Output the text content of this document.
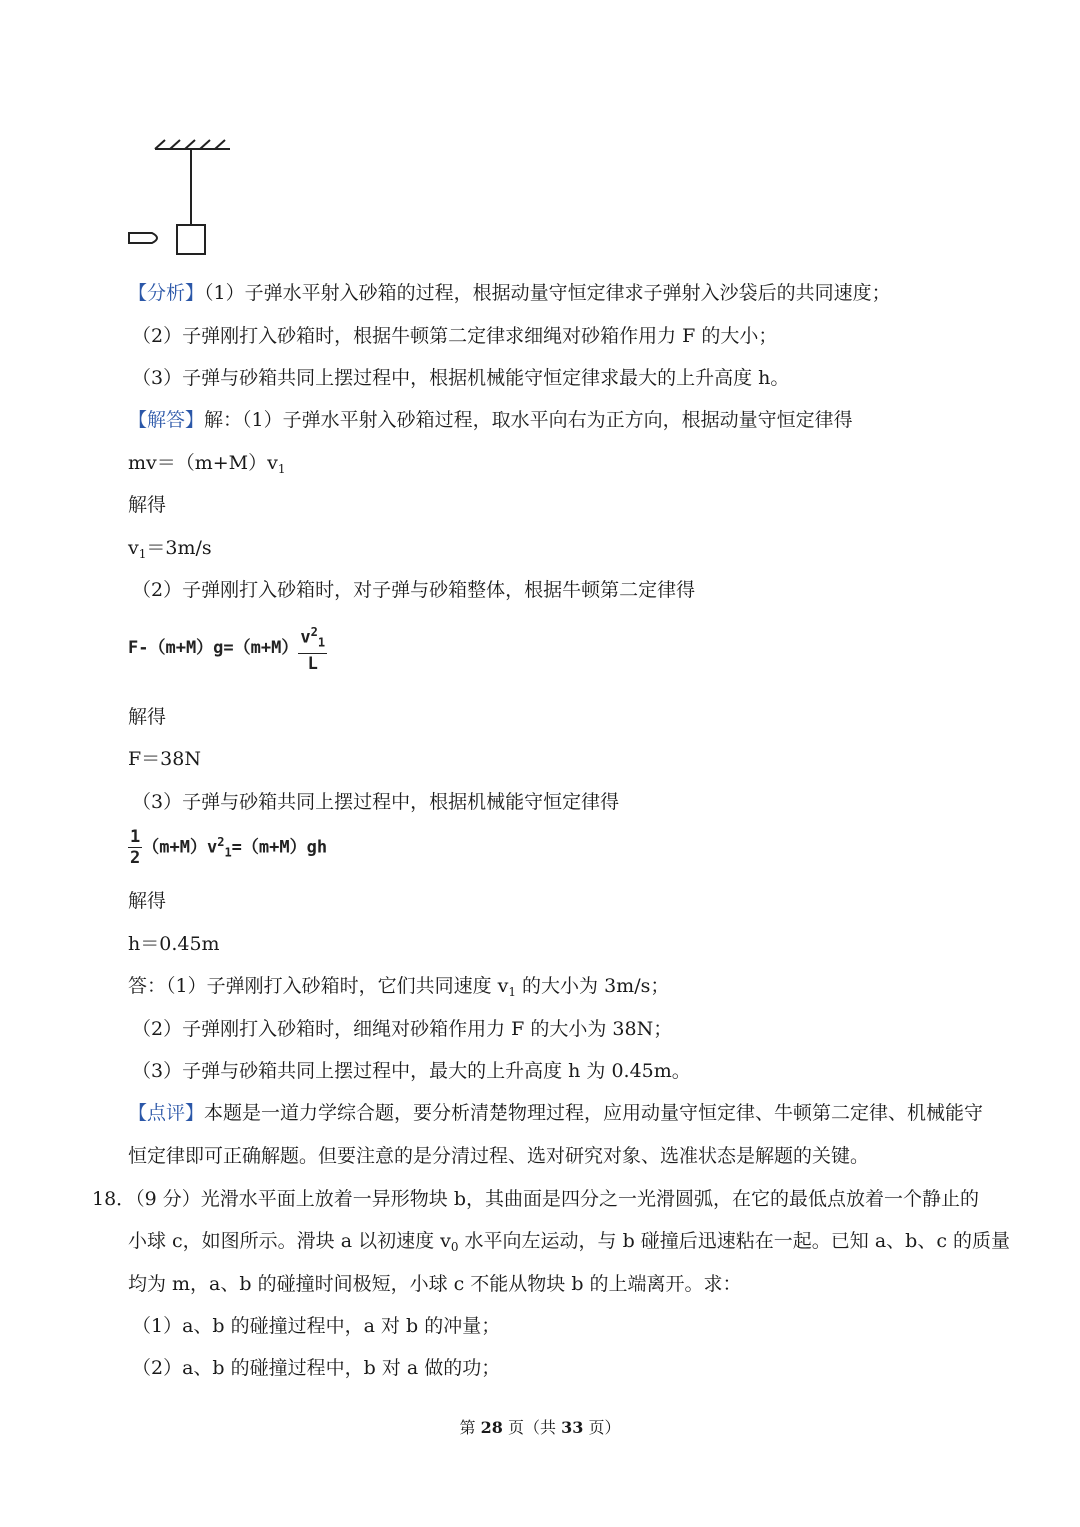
【分析】（1）子弹水平射入砂箱的过程，根据动量守恒定律求子弹射入沙袋后的共同速度；
（2）子弹刚打入砂箱时，根据牛顿第二定律求细绳对砂箱作用力 F 的大小；
（3）子弹与砂箱共同上摆过程中，根据机械能守恒定律求最大的上升高度 h。
【解答】解：（1）子弹水平射入砂箱过程，取水平向右为正方向，根据动量守恒定律得
$mv=(m+M)v_1$
解得
$v_1=3m/s$
（2）子弹刚打入砂箱时，对子弹与砂箱整体，根据牛顿第二定律得
$F-(m+M)g=(m+M) \frac{v^2_1}{L}$
解得
F＝38N
（3）子弹与砂箱共同上摆过程中，根据机械能守恒定律得
$\frac{1}{2} (m+M)v^2_1=(m+M)gh$
解得
h＝0.45m
答：（1）子弹刚打入砂箱时，它们共同速度 $v_1$ 的大小为 3m/s；
（2）子弹刚打入砂箱时，细绳对砂箱作用力 F 的大小为 38N；
（3）子弹与砂箱共同上摆过程中，最大的上升高度 h 为 0.45m。
【点评】本题是一道力学综合题，要分析清楚物理过程，应用动量守恒定律、牛顿第二定律、机械能守
恒定律即可正确解题。但要注意的是分清过程、选对研究对象、选准状态是解题的关键。
18．（9 分）光滑水平面上放着一异形物块 b，其曲面是四分之一光滑圆弧，在它的最低点放着一个静止的
小球 c，如图所示。滑块 a 以初速度 $v_0$ 水平向左运动，与 b 碰撞后迅速粘在一起。已知 a、b、c 的质量
均为 m，a、b 的碰撞时间极短，小球 c 不能从物块 b 的上端离开。求：
（1）a、b 的碰撞过程中，a 对 b 的冲量；
（2）a、b 的碰撞过程中，b 对 a 做的功；
第 28 页（共 33 页）
